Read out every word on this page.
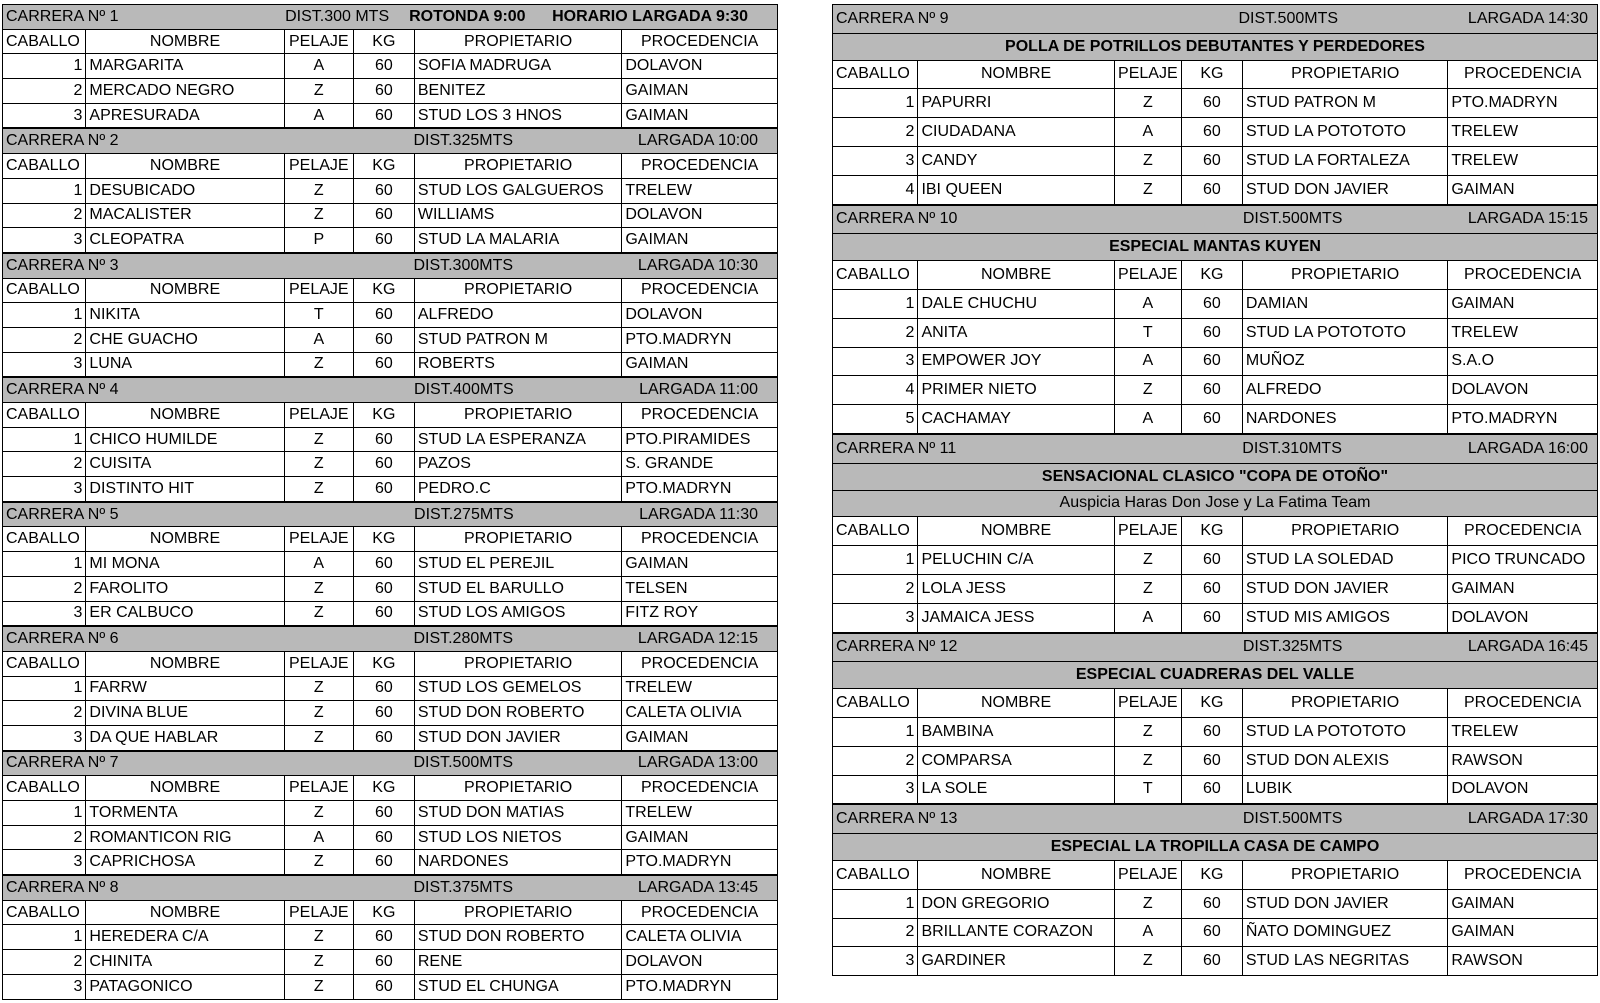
CARRERA Nº 1 DIST.300 MTS ROTONDA 9:00 HORARIO LARGADA 9:30					

CABALLO	NOMBRE	PELAJE	KG	PROPIETARIO	PROCEDENCIA
1	MARGARITA	A	60	SOFIA MADRUGA	DOLAVON
2	MERCADO NEGRO	Z	60	BENITEZ	GAIMAN
3	APRESURADA	A	60	STUD LOS 3 HNOS	GAIMAN
CARRERA Nº 2 DIST.325MTS LARGADA 10:00					

CABALLO	NOMBRE	PELAJE	KG	PROPIETARIO	PROCEDENCIA
1	DESUBICADO	Z	60	STUD LOS GALGUEROS	TRELEW
2	MACALISTER	Z	60	WILLIAMS	DOLAVON
3	CLEOPATRA	P	60	STUD LA MALARIA	GAIMAN
CARRERA Nº 3 DIST.300MTS LARGADA 10:30					

CABALLO	NOMBRE	PELAJE	KG	PROPIETARIO	PROCEDENCIA
1	NIKITA	T	60	ALFREDO	DOLAVON
2	CHE GUACHO	A	60	STUD PATRON M	PTO.MADRYN
3	LUNA	Z	60	ROBERTS	GAIMAN
CARRERA Nº 4 DIST.400MTS LARGADA 11:00					

CABALLO	NOMBRE	PELAJE	KG	PROPIETARIO	PROCEDENCIA
1	CHICO HUMILDE	Z	60	STUD LA ESPERANZA	PTO.PIRAMIDES
2	CUISITA	Z	60	PAZOS	S. GRANDE
3	DISTINTO HIT	Z	60	PEDRO.C	PTO.MADRYN
CARRERA Nº 5 DIST.275MTS LARGADA 11:30					

CABALLO	NOMBRE	PELAJE	KG	PROPIETARIO	PROCEDENCIA
1	MI MONA	A	60	STUD EL PEREJIL	GAIMAN
2	FAROLITO	Z	60	STUD EL BARULLO	TELSEN
3	ER CALBUCO	Z	60	STUD LOS AMIGOS	FITZ ROY
CARRERA Nº 6 DIST.280MTS LARGADA 12:15					

CABALLO	NOMBRE	PELAJE	KG	PROPIETARIO	PROCEDENCIA
1	FARRW	Z	60	STUD LOS GEMELOS	TRELEW
2	DIVINA BLUE	Z	60	STUD DON ROBERTO	CALETA OLIVIA
3	DA QUE HABLAR	Z	60	STUD DON JAVIER	GAIMAN
CARRERA Nº 7 DIST.500MTS LARGADA 13:00					

CABALLO	NOMBRE	PELAJE	KG	PROPIETARIO	PROCEDENCIA
1	TORMENTA	Z	60	STUD DON MATIAS	TRELEW
2	ROMANTICON RIG	A	60	STUD LOS NIETOS	GAIMAN
3	CAPRICHOSA	Z	60	NARDONES	PTO.MADRYN
CARRERA Nº 8 DIST.375MTS LARGADA 13:45					

CABALLO	NOMBRE	PELAJE	KG	PROPIETARIO	PROCEDENCIA
1	HEREDERA C/A	Z	60	STUD DON ROBERTO	CALETA OLIVIA
2	CHINITA	Z	60	RENE	DOLAVON
3	PATAGONICO	Z	60	STUD EL CHUNGA	PTO.MADRYN
CARRERA Nº 9 DIST.500MTS LARGADA 14:30					

POLLA DE POTRILLOS DEBUTANTES Y PERDEDORES					
CABALLO	NOMBRE	PELAJE	KG	PROPIETARIO	PROCEDENCIA
1	PAPURRI	Z	60	STUD PATRON M	PTO.MADRYN
2	CIUDADANA	A	60	STUD LA POTOTOTO	TRELEW
3	CANDY	Z	60	STUD LA FORTALEZA	TRELEW
4	IBI QUEEN	Z	60	STUD DON JAVIER	GAIMAN
CARRERA Nº 10 DIST.500MTS LARGADA 15:15					

ESPECIAL MANTAS KUYEN					
CABALLO	NOMBRE	PELAJE	KG	PROPIETARIO	PROCEDENCIA
1	DALE CHUCHU	A	60	DAMIAN	GAIMAN
2	ANITA	T	60	STUD LA POTOTOTO	TRELEW
3	EMPOWER JOY	A	60	MUÑOZ	S.A.O
4	PRIMER NIETO	Z	60	ALFREDO	DOLAVON
5	CACHAMAY	A	60	NARDONES	PTO.MADRYN
CARRERA Nº 11 DIST.310MTS LARGADA 16:00					

SENSACIONAL CLASICO "COPA DE OTOÑO"					
Auspicia Haras Don Jose y La Fatima Team					
CABALLO	NOMBRE	PELAJE	KG	PROPIETARIO	PROCEDENCIA
1	PELUCHIN C/A	Z	60	STUD LA SOLEDAD	PICO TRUNCADO
2	LOLA JESS	Z	60	STUD DON JAVIER	GAIMAN
3	JAMAICA JESS	A	60	STUD MIS AMIGOS	DOLAVON
CARRERA Nº 12 DIST.325MTS LARGADA 16:45					

ESPECIAL CUADRERAS DEL VALLE					
CABALLO	NOMBRE	PELAJE	KG	PROPIETARIO	PROCEDENCIA
1	BAMBINA	Z	60	STUD LA POTOTOTO	TRELEW
2	COMPARSA	Z	60	STUD DON ALEXIS	RAWSON
3	LA SOLE	T	60	LUBIK	DOLAVON
CARRERA Nº 13 DIST.500MTS LARGADA 17:30					

ESPECIAL LA TROPILLA CASA DE CAMPO					
CABALLO	NOMBRE	PELAJE	KG	PROPIETARIO	PROCEDENCIA
1	DON GREGORIO	Z	60	STUD DON JAVIER	GAIMAN
2	BRILLANTE CORAZON	A	60	ÑATO DOMINGUEZ	GAIMAN
3	GARDINER	Z	60	STUD LAS NEGRITAS	RAWSON
